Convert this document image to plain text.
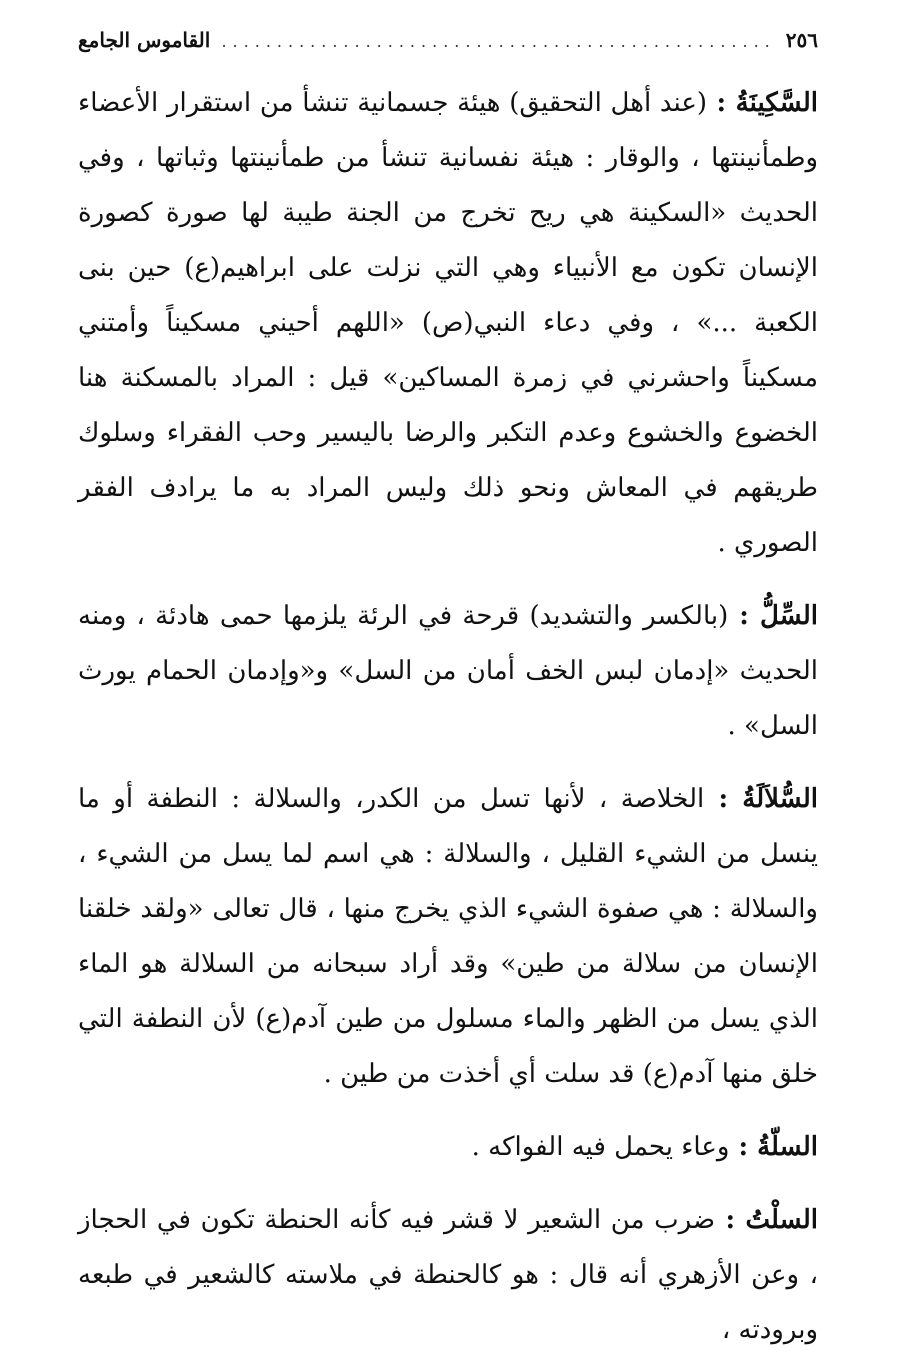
٢٥٦
..................................................
القاموس الجامع

السَّكِينَةُ : (عند أهل التحقيق) هيئة جسمانية تنشأ من استقرار الأعضاء وطمأنينتها ، والوقار : هيئة نفسانية تنشأ من طمأنينتها وثباتها ، وفي الحديث «السكينة هي ريح تخرج من الجنة طيبة لها صورة كصورة الإنسان تكون مع الأنبياء وهي التي نزلت على ابراهيم(ع) حين بنى الكعبة ...» ، وفي دعاء النبي(ص) «اللهم أحيني مسكيناً وأمتني مسكيناً واحشرني في زمرة المساكين» قيل : المراد بالمسكنة هنا الخضوع والخشوع وعدم التكبر والرضا باليسير وحب الفقراء وسلوك طريقهم في المعاش ونحو ذلك وليس المراد به ما يرادف الفقر الصوري .

السِّلُّ : (بالكسر والتشديد) قرحة في الرئة يلزمها حمى هادئة ، ومنه الحديث «إدمان لبس الخف أمان من السل» و«وإدمان الحمام يورث السل» .

السُّلاَلَةُ : الخلاصة ، لأنها تسل من الكدر، والسلالة : النطفة أو ما ينسل من الشيء القليل ، والسلالة : هي اسم لما يسل من الشيء ، والسلالة : هي صفوة الشيء الذي يخرج منها ، قال تعالى «ولقد خلقنا الإنسان من سلالة من طين» وقد أراد سبحانه من السلالة هو الماء الذي يسل من الظهر والماء مسلول من طين آدم(ع) لأن النطفة التي خلق منها آدم(ع) قد سلت أي أخذت من طين .

السلّةُ : وعاء يحمل فيه الفواكه .

السلْتُ : ضرب من الشعير لا قشر فيه كأنه الحنطة تكون في الحجاز ، وعن الأزهري أنه قال : هو كالحنطة في ملاسته كالشعير في طبعه وبرودته ،
